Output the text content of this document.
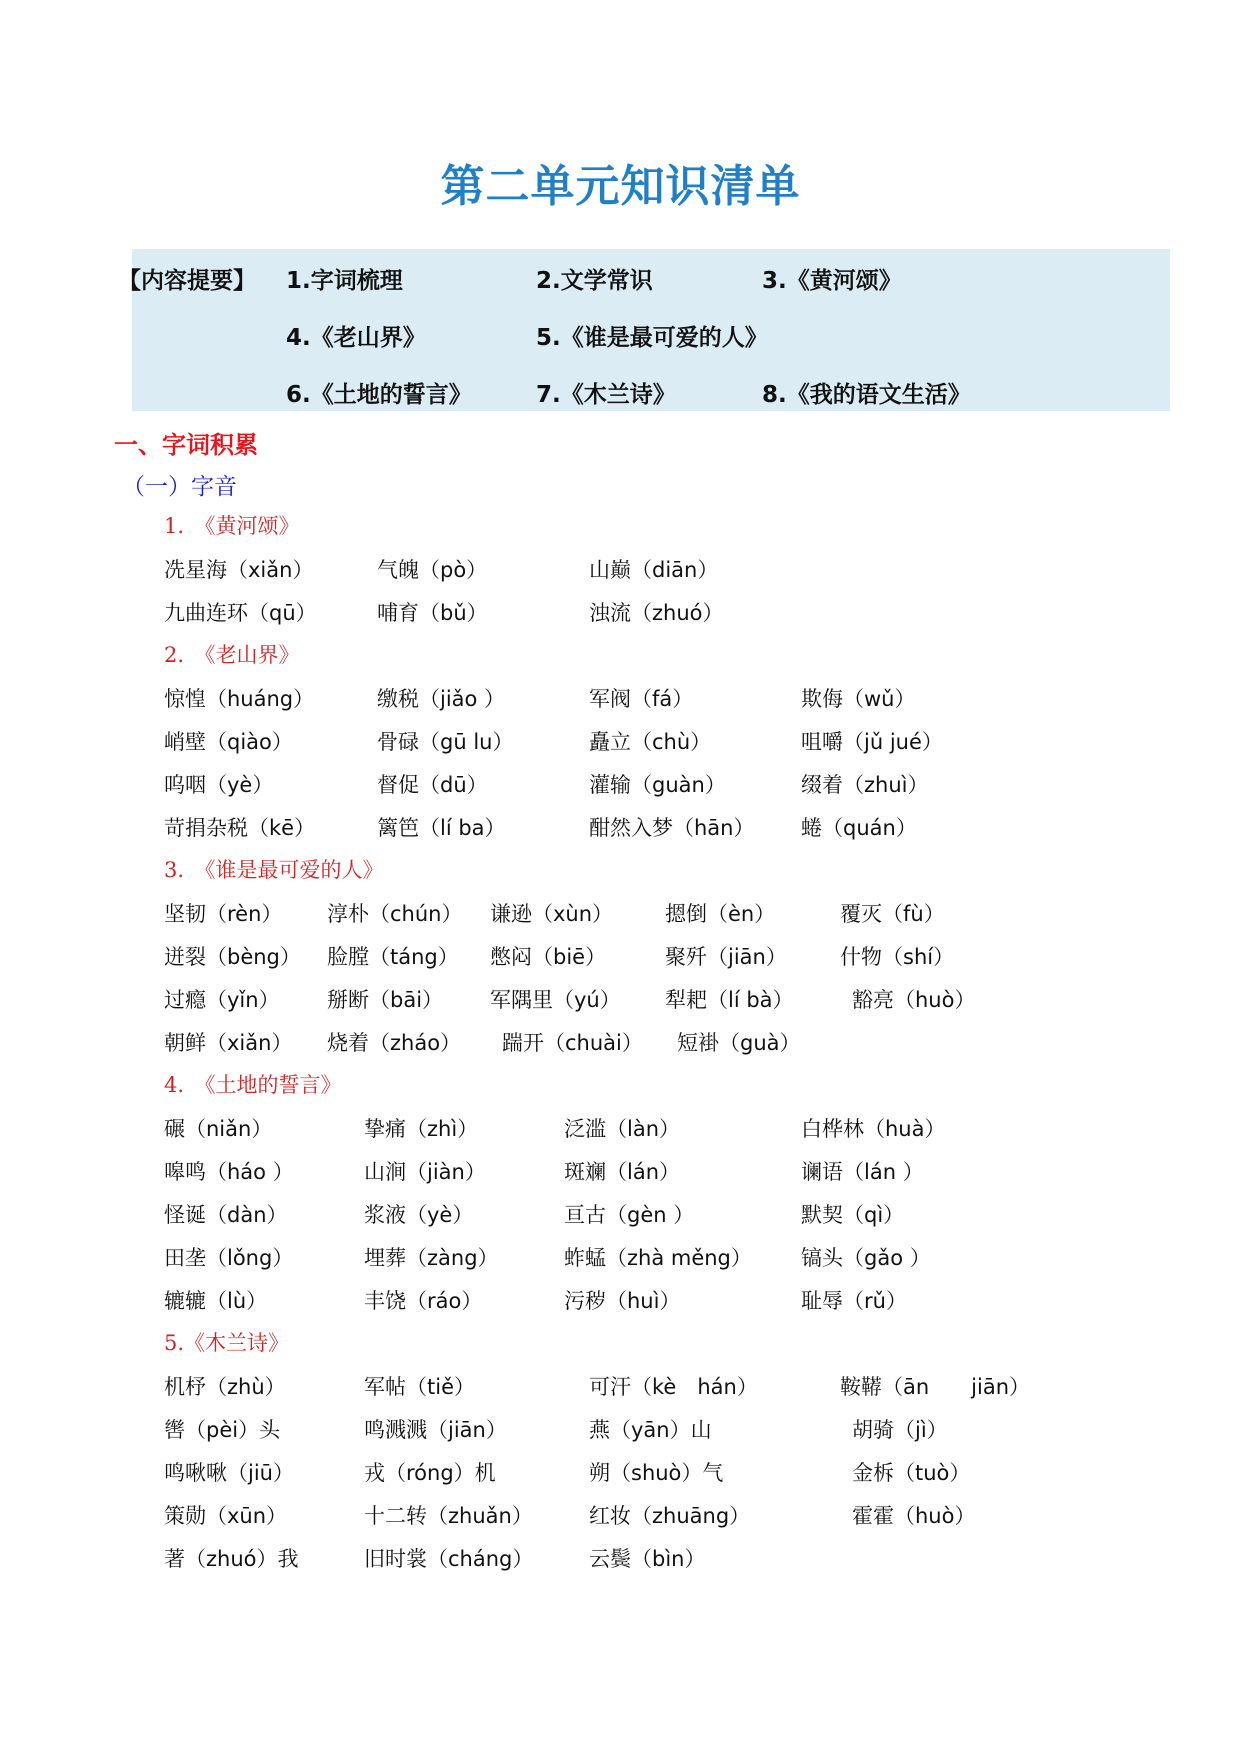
第二单元知识清单
【内容提要】 1.字词梳理	2.文学常识	3.《黄河颂》
4.《老山界》	5.《谁是最可爱的人》
6.《土地的誓言》	7.《木兰诗》	8.《我的语文生活》
一、字词积累
（一）字音
1.　《黄河颂》
冼星海（xiǎn）	气魄（pò）	山巅（diān）
九曲连环（qū）	哺育（bǔ）	浊流（zhuó）
2.　《老山界》
惊惶（huáng）	缴税（jiǎo ）	军阀（fá）	欺侮（wǔ）
峭壁（qiào）	骨碌（gū lu）	矗立（chù）	咀嚼（jǔ jué）
呜咽（yè）	督促（dū）	灌输（guàn）	缀着（zhuì）
苛捐杂税（kē）	篱笆（lí ba）	酣然入梦（hān） 蜷（quán）
3.　《谁是最可爱的人》
坚韧（rèn） 淳朴（chún） 谦逊（xùn） 摁倒（èn）	覆灭（fù）
迸裂（bèng） 脸膛（táng） 憋闷（biē）	聚歼（jiān）	什物（shí）
过瘾（yǐn） 掰断（bāi） 军隅里（yú） 犁耙（lí bà）	豁亮（huò）
朝鲜（xiǎn） 烧着（zháo） 踹开（chuài） 短褂（guà）
4.　《土地的誓言》
碾（niǎn）	挚痛（zhì）	泛滥（làn）	白桦林（huà）
嗥鸣（háo ）	山涧（jiàn）	斑斓（lán）	谰语（lán ）
怪诞（dàn）	浆液（yè）	亘古（gèn ）	默契（qì）
田垄（lǒng）	埋葬（zàng）	蚱蜢（zhà měng） 镐头（gǎo ）
辘辘（lù）	丰饶（ráo）	污秽（huì）	耻辱（rǔ）
5.《木兰诗》
机杼（zhù）	军帖（tiě）	可汗（kè　hán）	鞍鞯（ān　　jiān）
辔（pèi）头	鸣溅溅（jiān）	燕（yān）山	胡骑（jì）
鸣啾啾（jiū）	戎（róng）机	朔（shuò）气	金柝（tuò）
策勋（xūn）	十二转（zhuǎn）	红妆（zhuāng）	霍霍（huò）
著（zhuó）我	旧时裳（cháng）	云鬓（bìn）
